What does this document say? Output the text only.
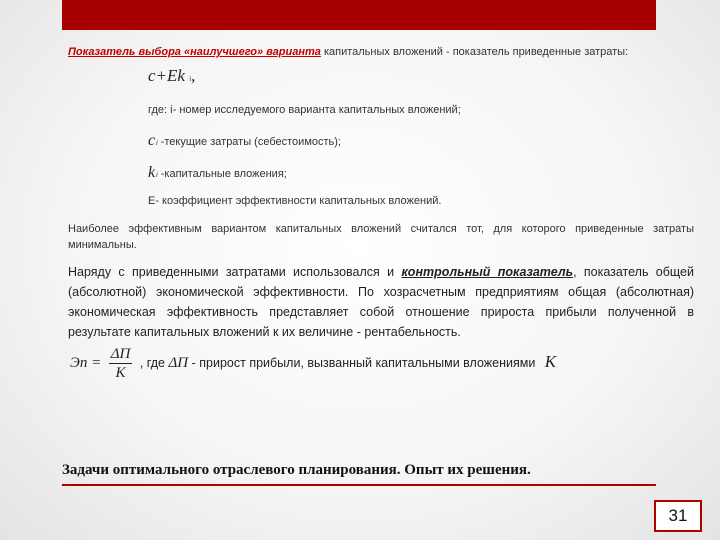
Показатель выбора «наилучшего» варианта капитальных вложений - показатель приведенные затраты:
c+Ek i,
где: i- номер исследуемого варианта капитальных вложений;
ci -текущие затраты (себестоимость);
ki -капитальные вложения;
E- коэффициент эффективности капитальных вложений.
Наиболее эффективным вариантом капитальных вложений считался тот, для которого приведенные затраты минимальны.
Наряду с приведенными затратами использовался и контрольный показатель, показатель общей (абсолютной) экономической эффективности. По хозрасчетным предприятиям общая (абсолютная) экономическая эффективность представляет собой отношение прироста прибыли полученной в результате капитальных вложений к их величине - рентабельность.
Эп = $\frac{\Delta П}{К}$ , где ΔП - прирост прибыли, вызванный капитальными вложениями К
Задачи оптимального отраслевого планирования. Опыт их решения.
31
